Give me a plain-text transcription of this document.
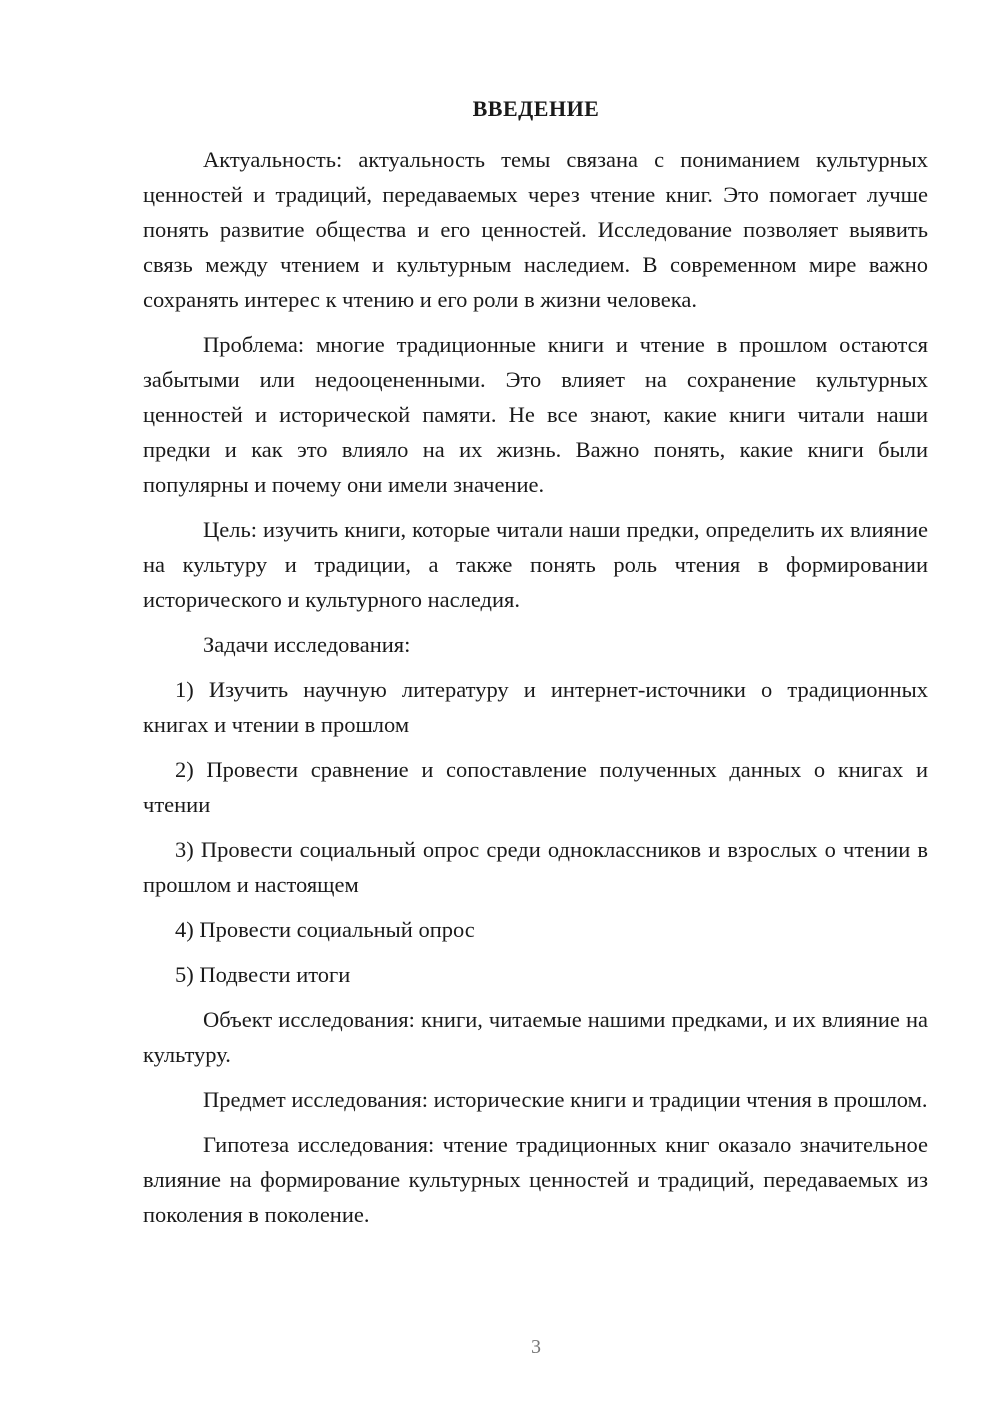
ВВЕДЕНИЕ

Актуальность: актуальность темы связана с пониманием культурных ценностей и традиций, передаваемых через чтение книг. Это помогает лучше понять развитие общества и его ценностей. Исследование позволяет выявить связь между чтением и культурным наследием. В современном мире важно сохранять интерес к чтению и его роли в жизни человека.

Проблема: многие традиционные книги и чтение в прошлом остаются забытыми или недооцененными. Это влияет на сохранение культурных ценностей и исторической памяти. Не все знают, какие книги читали наши предки и как это влияло на их жизнь. Важно понять, какие книги были популярны и почему они имели значение.

Цель: изучить книги, которые читали наши предки, определить их влияние на культуру и традиции, а также понять роль чтения в формировании исторического и культурного наследия.

Задачи исследования:

1) Изучить научную литературу и интернет-источники о традиционных книгах и чтении в прошлом

2) Провести сравнение и сопоставление полученных данных о книгах и чтении

3) Провести социальный опрос среди одноклассников и взрослых о чтении в прошлом и настоящем

4) Провести социальный опрос

5) Подвести итоги

Объект исследования: книги, читаемые нашими предками, и их влияние на культуру.

Предмет исследования: исторические книги и традиции чтения в прошлом.

Гипотеза исследования: чтение традиционных книг оказало значительное влияние на формирование культурных ценностей и традиций, передаваемых из поколения в поколение.

3
